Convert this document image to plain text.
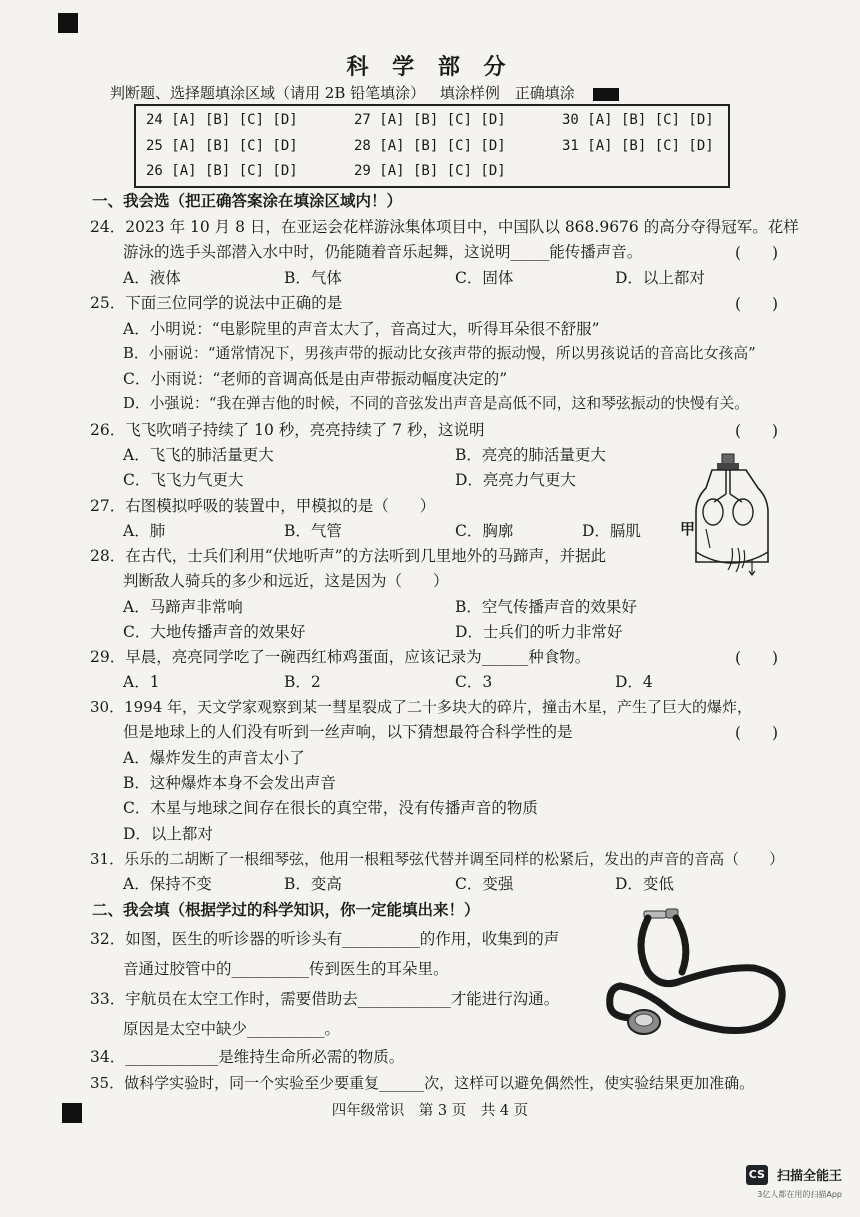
科 学 部 分
判断题、选择题填涂区域（请用 2B 铅笔填涂） 填涂样例 正确填涂
24 [A] [B] [C] [D]	27 [A] [B] [C] [D]	30 [A] [B] [C] [D]
25 [A] [B] [C] [D]	28 [A] [B] [C] [D]	31 [A] [B] [C] [D]
26 [A] [B] [C] [D]	29 [A] [B] [C] [D]
一、我会选（把正确答案涂在填涂区域内！）
24．2023 年 10 月 8 日，在亚运会花样游泳集体项目中，中国队以 868.9676 的高分夺得冠军。花样
游泳的选手头部潜入水中时，仍能随着音乐起舞，这说明_____能传播声音。	(　　)
A．液体	B．气体	C．固体	D．以上都对
25．下面三位同学的说法中正确的是	(　　)
A．小明说：“电影院里的声音太大了，音高过大，听得耳朵很不舒服”
B．小丽说：“通常情况下，男孩声带的振动比女孩声带的振动慢，所以男孩说话的音高比女孩高”
C．小雨说：“老师的音调高低是由声带振动幅度决定的”
D．小强说：“我在弹吉他的时候，不同的音弦发出声音是高低不同，这和琴弦振动的快慢有关。
26．飞飞吹哨子持续了 10 秒，亮亮持续了 7 秒，这说明	(　　)
A．飞飞的肺活量更大	B．亮亮的肺活量更大
C．飞飞力气更大	D．亮亮力气更大
27．右图模拟呼吸的装置中，甲模拟的是（　　）
A．肺	B．气管	C．胸廓	D．膈肌	甲
28．在古代，士兵们利用“伏地听声”的方法听到几里地外的马蹄声，并据此
判断敌人骑兵的多少和远近，这是因为（　　）
A．马蹄声非常响	B．空气传播声音的效果好
C．大地传播声音的效果好	D．士兵们的听力非常好
29．早晨，亮亮同学吃了一碗西红柿鸡蛋面，应该记录为______种食物。	(　　)
A．1	B．2	C．3	D．4
30．1994 年，天文学家观察到某一彗星裂成了二十多块大的碎片，撞击木星，产生了巨大的爆炸，
但是地球上的人们没有听到一丝声响，以下猜想最符合科学性的是	(　　)
A．爆炸发生的声音太小了
B．这种爆炸本身不会发出声音
C．木星与地球之间存在很长的真空带，没有传播声音的物质
D．以上都对
31．乐乐的二胡断了一根细琴弦，他用一根粗琴弦代替并调至同样的松紧后，发出的声音的音高（　　）
A．保持不变	B．变高	C．变强	D．变低
二、我会填（根据学过的科学知识，你一定能填出来！）
32．如图，医生的听诊器的听诊头有__________的作用，收集到的声
音通过胶管中的__________传到医生的耳朵里。
33．宇航员在太空工作时，需要借助去____________才能进行沟通。
原因是太空中缺少__________。
34．____________是维持生命所必需的物质。
35．做科学实验时，同一个实验至少要重复______次，这样可以避免偶然性，使实验结果更加准确。
四年级常识　第 3 页　共 4 页
CS 扫描全能王
3亿人都在用的扫描App
